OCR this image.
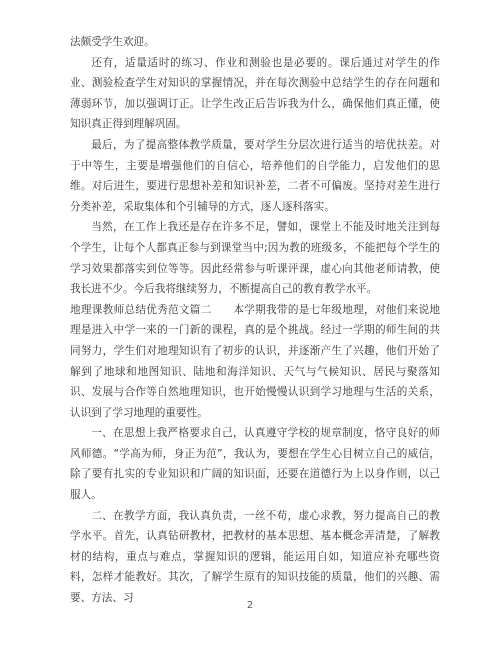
法颇受学生欢迎。

还有，适量适时的练习、作业和测验也是必要的。课后通过对学生的作业、测验检查学生对知识的掌握情况，并在每次测验中总结学生的存在问题和薄弱环节，加以强调订正。让学生改正后告诉我为什么，确保他们真正懂，使知识真正得到理解巩固。

最后，为了提高整体教学质量，要对学生分层次进行适当的培优扶差。对于中等生，主要是增强他们的自信心，培养他们的自学能力，启发他们的思维。对后进生，要进行思想补差和知识补差，二者不可偏废。坚持对差生进行分类补差，采取集体和个引辅导的方式，逐人逐科落实。

当然，在工作上我还是存在许多不足，譬如，课堂上不能及时地关注到每个学生，让每个人都真正参与到课堂当中;因为教的班级多，不能把每个学生的学习效果都落实到位等等。因此经常参与听课评课，虚心向其他老师请教，使我长进不少。今后我将继续努力，不断提高自己的教育教学水平。

地理课教师总结优秀范文篇二　　本学期我带的是七年级地理，对他们来说地理是进入中学一来的一门新的课程，真的是个挑战。经过一学期的师生间的共同努力，学生们对地理知识有了初步的认识，并逐渐产生了兴趣，他们开始了解到了地球和地图知识、陆地和海洋知识、天气与气候知识、居民与聚落知识、发展与合作等自然地理知识，也开始慢慢认识到学习地理与生活的关系，认识到了学习地理的重要性。

一、在思想上我严格要求自己，认真遵守学校的规章制度，恪守良好的师风师德。“学高为师，身正为范”，我认为，要想在学生心目树立自己的威信，除了要有扎实的专业知识和广阔的知识面，还要在道德行为上以身作则，以己服人。

二、在教学方面，我认真负责，一丝不苟，虚心求教，努力提高自己的教学水平。首先，认真钻研教材，把教材的基本思想、基本概念弄清楚，了解教材的结构，重点与难点，掌握知识的逻辑，能运用自如，知道应补充哪些资料，怎样才能教好。其次，了解学生原有的知识技能的质量，他们的兴趣、需要、方法、习

2
